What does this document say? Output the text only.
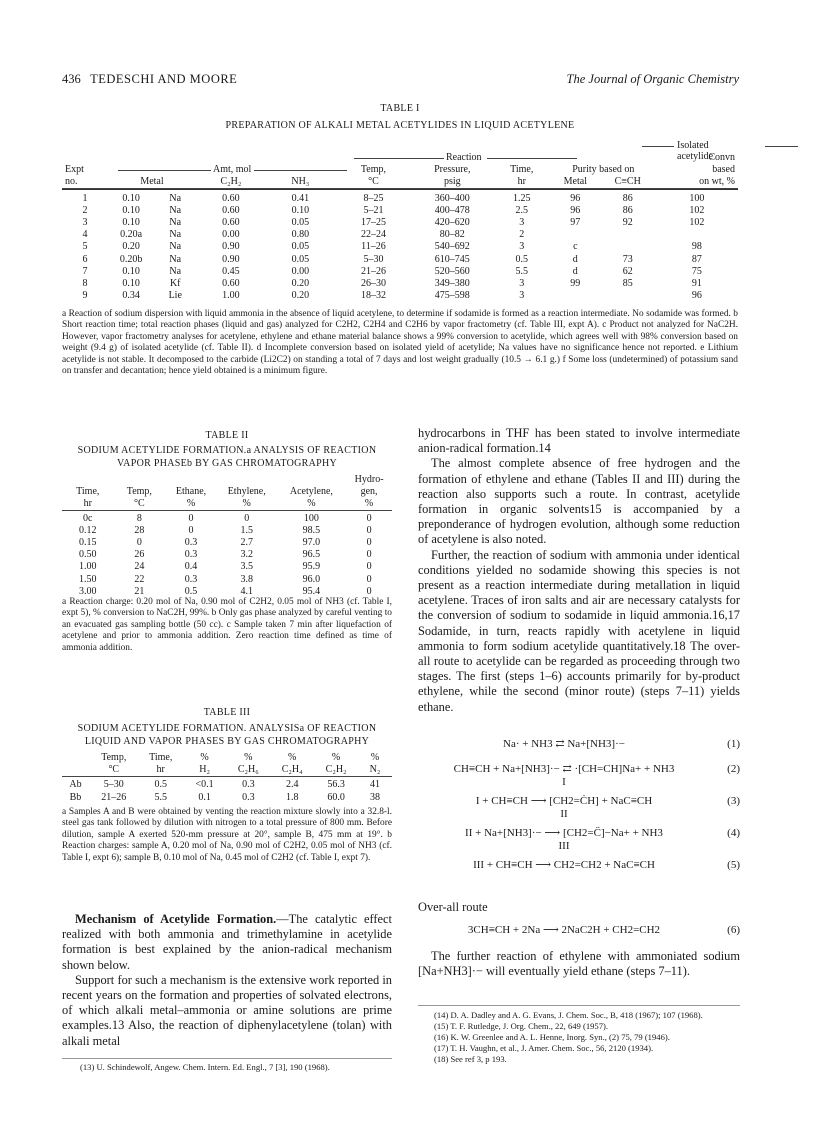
436 TEDESCHI AND MOORE	The Journal of Organic Chemistry
TABLE I
PREPARATION OF ALKALI METAL ACETYLIDES IN LIQUID ACETYLENE
Isolated acetylide
Reaction
Amt, mol
										Convn
Expt					Temp,	Pressure,	Time,	Purity based on		based
no.	Metal		C₂H₂	NH₃	°C	psig	hr	Metal	C≡CH	on wt, %

1	0.10	Na	0.60	0.41	8–25	360–400	1.25	96	86	100
2	0.10	Na	0.60	0.10	5–21	400–478	2.5	96	86	102
3	0.10	Na	0.60	0.05	17–25	420–620	3	97	92	102
4	0.20a	Na	0.00	0.80	22–24	80–82	2			
5	0.20	Na	0.90	0.05	11–26	540–692	3	c		98
6	0.20b	Na	0.90	0.05	5–30	610–745	0.5	d	73	87
7	0.10	Na	0.45	0.00	21–26	520–560	5.5	d	62	75
8	0.10	Kf	0.60	0.20	26–30	349–380	3	99	85	91
9	0.34	Lie	1.00	0.20	18–32	475–598	3			96
a Reaction of sodium dispersion with liquid ammonia in the absence of liquid acetylene, to determine if sodamide is formed as a reaction intermediate. No sodamide was formed. b Short reaction time; total reaction phases (liquid and gas) analyzed for C2H2, C2H4 and C2H6 by vapor fractometry (cf. Table III, expt A). c Product not analyzed for NaC2H. However, vapor fractometry analyses for acetylene, ethylene and ethane material balance shows a 99% conversion to acetylide, which agrees well with 98% conversion based on weight (9.4 g) of isolated acetylide (cf. Table II). d Incomplete conversion based on isolated yield of acetylide; Na values have no significance hence not reported. e Lithium acetylide is not stable. It decomposed to the carbide (Li2C2) on standing a total of 7 days and lost weight gradually (10.5 → 6.1 g.) f Some loss (undetermined) of potassium sand on transfer and decantation; hence yield obtained is a minimum figure.
TABLE II
SODIUM ACETYLIDE FORMATION.a ANALYSIS OF REACTION VAPOR PHASEb BY GAS CHROMATOGRAPHY
					Hydro-
Time,	Temp,	Ethane,	Ethylene,	Acetylene,	gen,
hr	°C	%	%	%	%
0c	8	0	0	100	0
0.12	28	0	1.5	98.5	0
0.15	0	0.3	2.7	97.0	0
0.50	26	0.3	3.2	96.5	0
1.00	24	0.4	3.5	95.9	0
1.50	22	0.3	3.8	96.0	0
3.00	21	0.5	4.1	95.4	0
a Reaction charge: 0.20 mol of Na, 0.90 mol of C2H2, 0.05 mol of NH3 (cf. Table I, expt 5), % conversion to NaC2H, 99%. b Only gas phase analyzed by careful venting to an evacuated gas sampling bottle (50 cc). c Sample taken 7 min after liquefaction of acetylene and prior to ammonia addition. Zero reaction time defined as time of ammonia addition.
TABLE III
SODIUM ACETYLIDE FORMATION. ANALYSISa OF REACTION LIQUID AND VAPOR PHASES BY GAS CHROMATOGRAPHY
	Temp,	Time,	%	%	%	%	%
	°C	hr	H₂	C₂H₆	C₂H₄	C₂H₂	N₂
Ab	5–30	0.5	<0.1	0.3	2.4	56.3	41
Bb	21–26	5.5	0.1	0.3	1.8	60.0	38
a Samples A and B were obtained by venting the reaction mixture slowly into a 32.8-l. steel gas tank followed by dilution with nitrogen to a total pressure of 800 mm. Before dilution, sample A exerted 520-mm pressure at 20°, sample B, 475 mm at 19°. b Reaction charges: sample A, 0.20 mol of Na, 0.90 mol of C2H2, 0.05 mol of NH3 (cf. Table I, expt 6); sample B, 0.10 mol of Na, 0.45 mol of C2H2 (cf. Table I, expt 7).

Mechanism of Acetylide Formation.—The catalytic effect realized with both ammonia and trimethylamine in acetylide formation is best explained by the anion-radical mechanism shown below.

Support for such a mechanism is the extensive work reported in recent years on the formation and properties of solvated electrons, of which alkali metal–ammonia or amine solutions are prime examples.13 Also, the reaction of diphenylacetylene (tolan) with alkali metal

(13) U. Schindewolf, Angew. Chem. Intern. Ed. Engl., 7 [3], 190 (1968).

hydrocarbons in THF has been stated to involve intermediate anion-radical formation.14

The almost complete absence of free hydrogen and the formation of ethylene and ethane (Tables II and III) during the reaction also supports such a route. In contrast, acetylide formation in organic solvents15 is accompanied by a preponderance of hydrogen evolution, although some reduction of acetylene is also noted.

Further, the reaction of sodium with ammonia under identical conditions yielded no sodamide showing this species is not present as a reaction intermediate during metallation in liquid acetylene. Traces of iron salts and air are necessary catalysts for the conversion of sodium to sodamide in liquid ammonia.16,17 Sodamide, in turn, reacts rapidly with acetylene in liquid ammonia to form sodium acetylide quantitatively.18 The over-all route to acetylide can be regarded as proceeding through two stages. The first (steps 1–6) accounts primarily for by-product ethylene, while the second (minor route) (steps 7–11) yields ethane.

Na· + NH3 ⇄ Na+[NH3]·−	(1)
CH≡CH + Na+[NH3]·− ⇄ ·[CH=CH]Na+ + NH3	(2)
I
I + CH≡CH ⟶ [CH2=ĊH] + NaC≡CH	(3)
II
II + Na+[NH3]·− ⟶ [CH2=C̈]−Na+ + NH3	(4)
III
III + CH≡CH ⟶ CH2=CH2 + NaC≡CH	(5)
Over-all route
3CH≡CH + 2Na ⟶ 2NaC2H + CH2=CH2	(6)

The further reaction of ethylene with ammoniated sodium [Na+NH3]·− will eventually yield ethane (steps 7–11).

(14) D. A. Dadley and A. G. Evans, J. Chem. Soc., B, 418 (1967); 107 (1968).
(15) T. F. Rutledge, J. Org. Chem., 22, 649 (1957).
(16) K. W. Greenlee and A. L. Henne, Inorg. Syn., (2) 75, 79 (1946).
(17) T. H. Vaughn, et al., J. Amer. Chem. Soc., 56, 2120 (1934).
(18) See ref 3, p 193.
